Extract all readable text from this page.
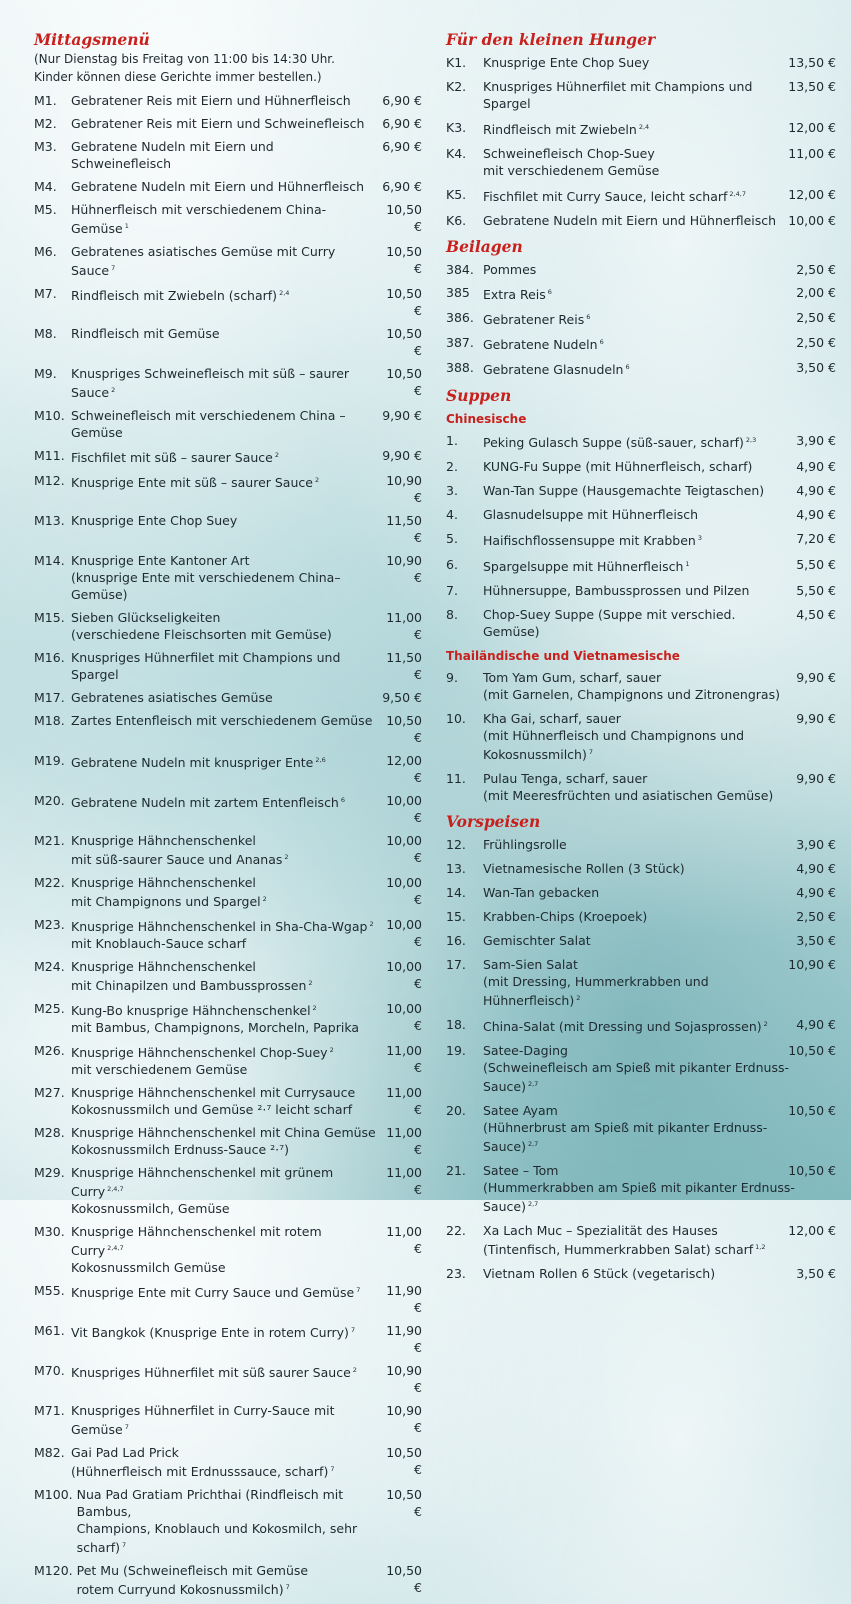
Mittagsmenü
(Nur Dienstag bis Freitag von 11:00 bis 14:30 Uhr.
Kinder können diese Gerichte immer bestellen.)
M1.	Gebratener Reis mit Eiern und Hühnerfleisch	6,90 €
M2.	Gebratener Reis mit Eiern und Schweinefleisch	6,90 €
M3.	Gebratene Nudeln mit Eiern und Schweinefleisch
6,90 €
M4.	Gebratene Nudeln mit Eiern und Hühnerfleisch	6,90 €
M5.	Hühnerfleisch mit verschiedenem China-Gemüse $^1$
10,50 €
M6.	Gebratenes asiatisches Gemüse mit Curry Sauce $^7$
10,50 €
M7.	Rindfleisch mit Zwiebeln (scharf) $^{2,4}$	10,50 €
M8.	Rindfleisch mit Gemüse	10,50 €
M9.	Knuspriges Schweinefleisch mit süß – saurer Sauce $^2$
10,50 €
M10. Schweinefleisch mit verschiedenem China – Gemüse
9,90 €
M11. Fischfilet mit süß – saurer Sauce $^2$	9,90 €
M12. Knusprige Ente mit süß – saurer Sauce $^2$	10,90 €
M13. Knusprige Ente Chop Suey	11,50 €
M14. Knusprige Ente Kantoner Art
(knusprige Ente mit verschiedenem China– Gemüse)
10,90 €
M15. Sieben Glückseligkeiten
(verschiedene Fleischsorten mit Gemüse)
11,00 €
M16. Knuspriges Hühnerfilet mit Champions und Spargel
11,50 €
M17. Gebratenes asiatisches Gemüse	9,50 €
M18. Zartes Entenfleisch mit verschiedenem Gemüse	10,50 €
M19. Gebratene Nudeln mit knuspriger Ente $^{2,6}$	12,00 €
M20. Gebratene Nudeln mit zartem Entenfleisch $^6$	10,00 €
M21. Knusprige Hähnchenschenkel
mit süß-saurer Sauce und Ananas $^2$
10,00 €
M22. Knusprige Hähnchenschenkel
mit Champignons und Spargel $^2$
10,00 €
M23. Knusprige Hähnchenschenkel in Sha-Cha-Wgap $^2$
mit Knoblauch-Sauce scharf
10,00 €
M24. Knusprige Hähnchenschenkel
mit Chinapilzen und Bambussprossen $^2$
10,00 €
M25. Kung-Bo knusprige Hähnchenschenkel $^2$
mit Bambus, Champignons, Morcheln, Paprika
10,00 €
M26. Knusprige Hähnchenschenkel Chop-Suey $^2$
mit verschiedenem Gemüse
11,00 €
M27. Knusprige Hähnchenschenkel mit Currysauce
Kokosnussmilch und Gemüse ²·⁷ leicht scharf
11,00 €
M28. Knusprige Hähnchenschenkel mit China Gemüse
Kokosnussmilch Erdnuss-Sauce ²·⁷)
11,00 €
M29. Knusprige Hähnchenschenkel mit grünem Curry $^{2,4,7}$
Kokosnussmilch, Gemüse
11,00 €
M30. Knusprige Hähnchenschenkel mit rotem Curry $^{2,4,7}$
Kokosnussmilch Gemüse
11,00 €
M55. Knusprige Ente mit Curry Sauce und Gemüse $^7$	11,90 €
M61. Vit Bangkok (Knusprige Ente in rotem Curry) $^7$	11,90 €
M70. Knuspriges Hühnerfilet mit süß saurer Sauce $^2$	10,90 €
M71. Knuspriges Hühnerfilet in Curry-Sauce mit Gemüse $^7$
10,90 €
M82. Gai Pad Lad Prick
(Hühnerfleisch mit Erdnusssauce, scharf) $^7$
10,50 €
M100. Nua Pad Gratiam Prichthai (Rindfleisch mit Bambus,
Champions, Knoblauch und Kokosmilch, sehr scharf) $^7$
10,50 €
M120. Pet Mu (Schweinefleisch mit Gemüse
rotem Curryund Kokosnussmilch) $^7$
10,50 €
Für den kleinen Hunger
K1.	Knusprige Ente Chop Suey	13,50 €
K2.	Knuspriges Hühnerfilet mit Champions und Spargel
13,50 €
K3.	Rindfleisch mit Zwiebeln $^{2,4}$	12,00 €
K4.	Schweinefleisch Chop-Suey
mit verschiedenem Gemüse
11,00 €
K5.	Fischfilet mit Curry Sauce, leicht scharf $^{2,4,7}$	12,00 €
K6.	Gebratene Nudeln mit Eiern und Hühnerfleisch 10,00 €
Beilagen
384. Pommes	2,50 €
385	Extra Reis $^6$	2,00 €
386. Gebratener Reis $^6$	2,50 €
387. Gebratene Nudeln $^6$	2,50 €
388. Gebratene Glasnudeln $^6$	3,50 €
Suppen
Chinesische
1.	Peking Gulasch Suppe (süß-sauer, scharf) $^{2,3}$	3,90 €
2.	KUNG-Fu Suppe (mit Hühnerfleisch, scharf)	4,90 €
3.	Wan-Tan Suppe (Hausgemachte Teigtaschen)	4,90 €
4.	Glasnudelsuppe mit Hühnerfleisch	4,90 €
5.	Haifischflossensuppe mit Krabben $^3$	7,20 €
6.	Spargelsuppe mit Hühnerfleisch $^1$	5,50 €
7.	Hühnersuppe, Bambussprossen und Pilzen	5,50 €
8.	Chop-Suey Suppe (Suppe mit verschied. Gemüse)
4,50 €
Thailändische und Vietnamesische
9.	Tom Yam Gum, scharf, sauer
(mit Garnelen, Champignons und Zitronengras)
9,90 €
10.	Kha Gai, scharf, sauer
(mit Hühnerfleisch und Champignons und Kokosnussmilch) $^7$
9,90 €
11.	Pulau Tenga, scharf, sauer
(mit Meeresfrüchten und asiatischen Gemüse)
9,90 €
Vorspeisen
12.	Frühlingsrolle	3,90 €
13.	Vietnamesische Rollen (3 Stück)	4,90 €
14.	Wan-Tan gebacken	4,90 €
15.	Krabben-Chips (Kroepoek)	2,50 €
16.	Gemischter Salat	3,50 €
17.	Sam-Sien Salat
(mit Dressing, Hummerkrabben und Hühnerfleisch) $^2$
10,90 €
18.	China-Salat (mit Dressing und Sojasprossen) $^2$	4,90 €
19.	Satee-Daging
(Schweinefleisch am Spieß mit pikanter Erdnuss-Sauce) $^{2,7}$
10,50 €
20.	Satee Ayam
(Hühnerbrust am Spieß mit pikanter Erdnuss-Sauce) $^{2,7}$
10,50 €
21.	Satee – Tom
(Hummerkrabben am Spieß mit pikanter Erdnuss-Sauce) $^{2,7}$
10,50 €
22.	Xa Lach Muc – Spezialität des Hauses
(Tintenfisch, Hummerkrabben Salat) scharf $^{1,2}$
12,00 €
23.	Vietnam Rollen 6 Stück (vegetarisch)	3,50 €
